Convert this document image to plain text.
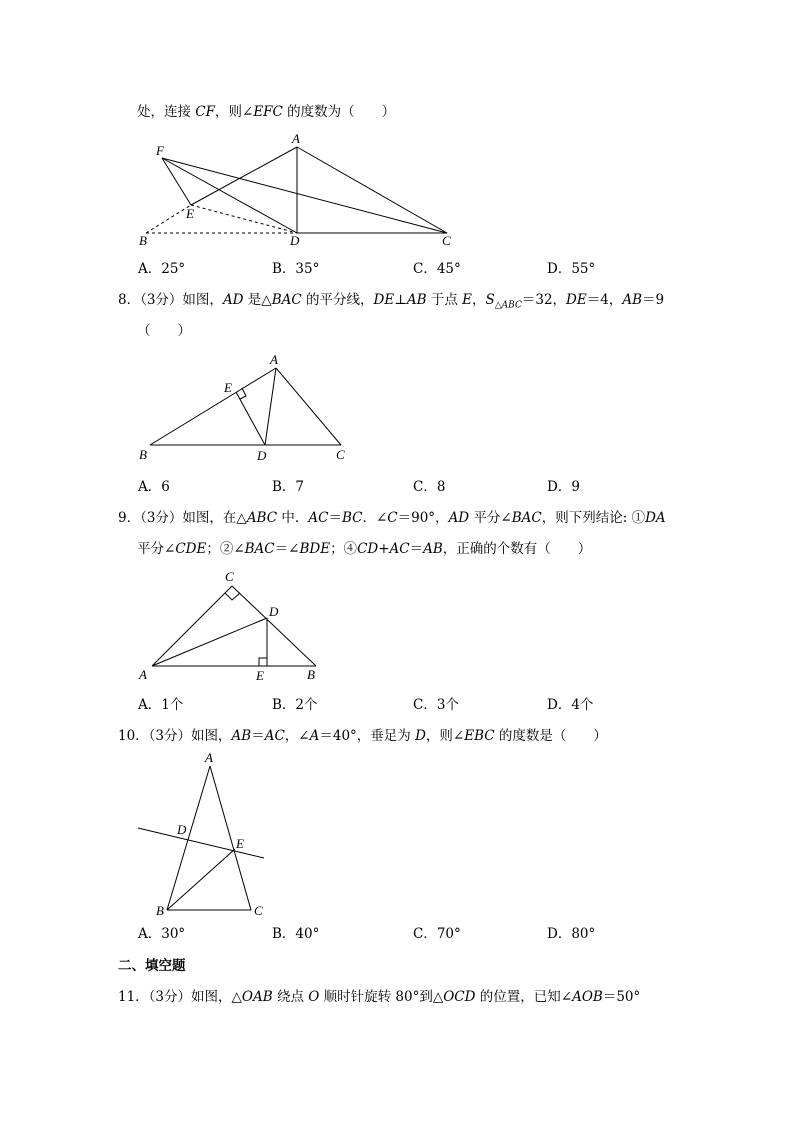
处，连接 CF，则∠EFC 的度数为（　　）
A
F
E
B	D	C
A．25°	B．35°	C．45°	D．55°
8．（3分）如图，AD 是△BAC 的平分线，DE⊥AB 于点 E，$S_{\triangle ABC}=32$，DE＝4，AB＝9
（　　）
A
E
B	D	C
A．6	B．7	C．8	D．9
9．（3分）如图，在△ABC 中．AC＝BC．∠C＝90°，AD 平分∠BAC，则下列结论: ①DA
平分∠CDE；②∠BAC＝∠BDE；④CD+AC＝AB，正确的个数有（　　）
C
D
A	E	B
A．1个	B．2个	C．3个	D．4个
10．（3分）如图，AB＝AC，∠A＝40°，垂足为 D，则∠EBC 的度数是（　　）
A
D
E
B	C
A．30°	B．40°	C．70°	D．80°
二、填空题
11．（3分）如图，△OAB 绕点 O 顺时针旋转 80°到△OCD 的位置，已知∠AOB＝50°
